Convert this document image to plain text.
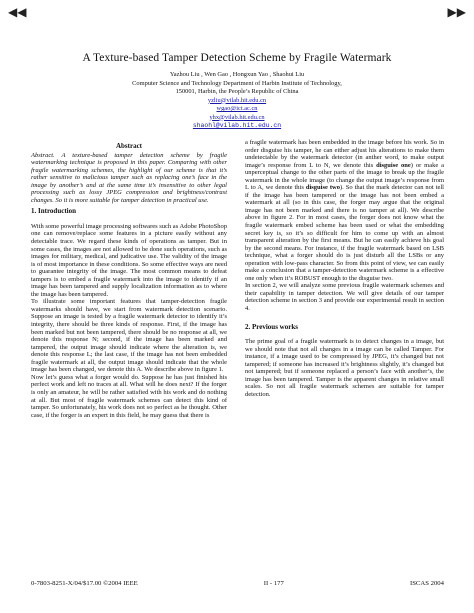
◀◀	▶▶
A Texture-based Tamper Detection Scheme by Fragile Watermark
Yazhou Liu , Wen Gao , Hongxun Yao , Shaohui Liu
Computer Science and Technology Department of Harbin Institute of Technology,
150001, Harbin, the People’s Republic of China
yzliu@vilab.hit.edu.cn
wgao@ict.ac.cn
yhx@vilab.hit.edu.cn
shaohl@vilab.hit.edu.cn
Abstract

Abstract. A texture-based tamper detection scheme by fragile watermarking technique is proposed in this paper. Comparing with other fragile watermarking schemes, the highlight of our scheme is that it’s rather sensitive to malicious tamper such as replacing one’s face in the image by another’s and at the same time it’s insensitive to other legal processing such as lossy JPEG compression and brightness/contrast changes. So it is more suitable for tamper detection in practical use.

1. Introduction

With some powerful image processing softwares such as Adobe PhotoShop one can remove/replace some features in a picture easily without any detectable trace. We regard these kinds of operations as tamper. But in some cases, the images are not allowed to be done such operations, such as images for military, medical, and judicative use. The validity of the image is of most importance in these conditions. So some effective ways are need to guarantee integrity of the image. The most common means to defeat tampers is to embed a fragile watermark into the image to identify if an image has been tampered and supply localization information as to where the image has been tampered.

To illustrate some important features that tamper-detection fragile watermarks should have, we start from watermark detection scenario. Suppose an image is tested by a fragile watermark detector to identify it’s integrity, there should be three kinds of response. First, if the image has been marked but not been tampered, there should be no response at all, we denote this response N; second, if the image has been marked and tampered, the output image should indicate where the alteration is, we denote this response L; the last case, if the image has not been embedded fragile watermark at all, the output image should indicate that the whole image has been changed, we denote this A. We describe above in figure 1.

Now let’s guess what a forger would do. Suppose he has just finished his perfect work and left no traces at all. What will he does next? If the forger is only an amateur, he will be rather satisfied with his work and do nothing at all. But most of fragile watermark schemes can detect this kind of tamper. So unfortunately, his work does not so perfect as he thought. Other case, if the forger is an expert in this field, he may guess that there is

a fragile watermark has been embedded in the image before his work. So in order disguise his tamper, he can either adjust his alterations to make them undetectable by the watermark detector (in anther word, to make output image’s response from L to N, we denote this disguise one) or make a unperceptual change to the other parts of the image to break up the fragile watermark in the whole image (to change the output image’s response from L to A, we denote this disguise two). So that the mark detector can not tell if the image has been tampered or the image has not been embed a watermark at all (so in this case, the forger may argue that the original image has not been marked and there is no tamper at all). We describe above in figure 2. For in most cases, the forger does not know what the fragile watermark embed scheme has been used or what the embedding secret key is, so it’s so difficult for him to come up with an almost transparent alteration by the first means. But he can easily achieve his goal by the second means. For instance, if the fragile watermark based on LSB technique, what a forger should do is just disturb all the LSBs or any operation with low-pass character. So from this point of view, we can easily make a conclusion that a tamper-detection watermark scheme is a effective one only when it’s ROBUST enough to the disguise two.

In section 2, we will analyze some previous fragile watermark schemes and their capability in tamper detection. We will give details of our tamper detection scheme in section 3 and provide our experimental result in section 4.

2. Previous works

The prime goal of a fragile watermark is to detect changes in a image, but we should note that not all changes in a image can be called Tamper. For instance, if a image used to be compressed by JPEG, it’s changed but not tampered; if someone has increased it’s brightness slightly, it’s changed but not tampered; but if someone replaced a person’s face with another’s, the image has been tampered. Tamper is the apparent changes in relative small scales. So not all fragile watermark schemes are suitable for tamper detection.

0-7803-8251-X/04/$17.00 ©2004 IEEE	II - 177	ISCAS 2004
